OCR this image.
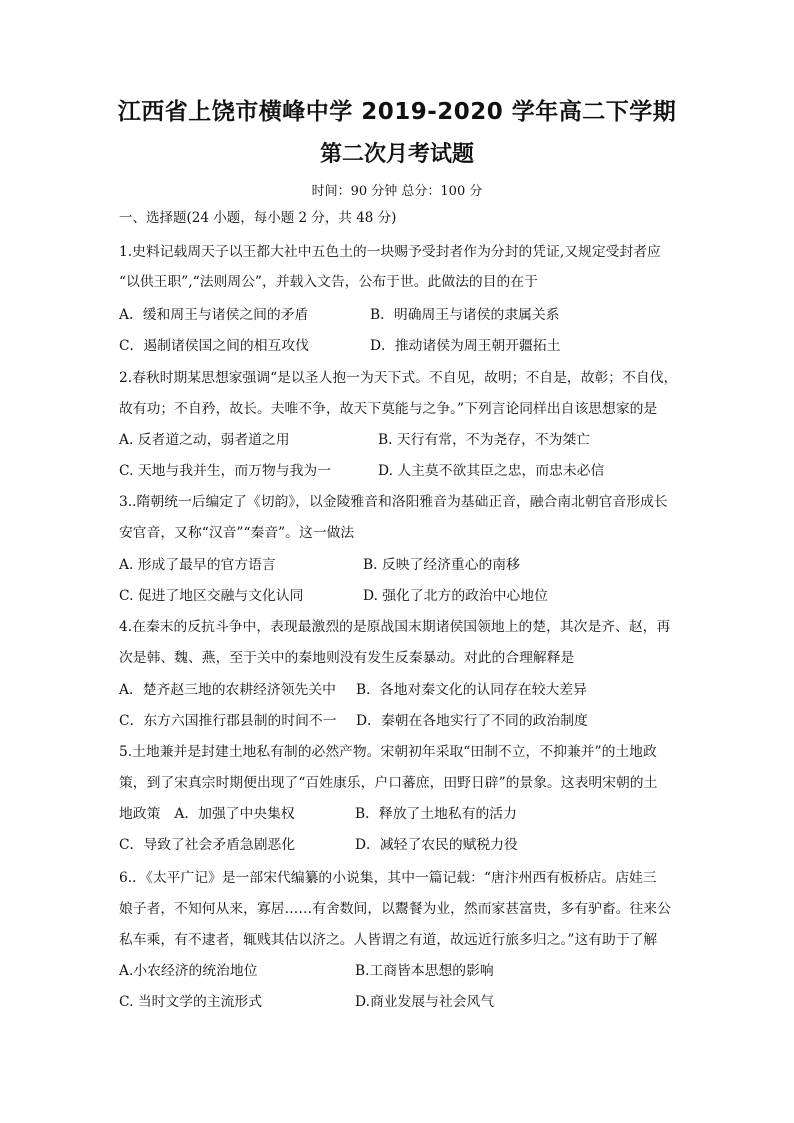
江西省上饶市横峰中学 2019-2020 学年高二下学期
第二次月考试题
时间：90 分钟 总分：100 分
一、选择题(24 小题，每小题 2 分，共 48 分)
1.史料记载周天子以王都大社中五色土的一块赐予受封者作为分封的凭证,又规定受封者应
“以供王职”,“法则周公”，并载入文告，公布于世。此做法的目的在于
A．缓和周王与诸侯之间的矛盾	B．明确周王与诸侯的隶属关系
C．遏制诸侯国之间的相互攻伐	D．推动诸侯为周王朝开疆拓土
2.春秋时期某思想家强调“是以圣人抱一为天下式。不自见，故明；不自是，故彰；不自伐，
故有功；不自矜，故长。夫唯不争，故天下莫能与之争。”下列言论同样出自该思想家的是
A. 反者道之动，弱者道之用	B. 天行有常，不为尧存，不为桀亡
C. 天地与我并生，而万物与我为一	D. 人主莫不欲其臣之忠，而忠未必信
3..隋朝统一后编定了《切韵》，以金陵雅音和洛阳雅音为基础正音，融合南北朝官音形成长
安官音，又称“汉音”“秦音”。这一做法
A. 形成了最早的官方语言	B. 反映了经济重心的南移
C. 促进了地区交融与文化认同	D. 强化了北方的政治中心地位
4.在秦末的反抗斗争中，表现最激烈的是原战国末期诸侯国领地上的楚，其次是齐、赵，再
次是韩、魏、燕，至于关中的秦地则没有发生反秦暴动。对此的合理解释是
A．楚齐赵三地的农耕经济领先关中 B．各地对秦文化的认同存在较大差异
C．东方六国推行郡县制的时间不一 D．秦朝在各地实行了不同的政治制度
5.土地兼并是封建土地私有制的必然产物。宋朝初年采取“田制不立，不抑兼并”的土地政
策，到了宋真宗时期便出现了“百姓康乐，户口蕃庶，田野日辟”的景象。这表明宋朝的土
地政策 A．加强了中央集权	B．释放了土地私有的活力
C．导致了社会矛盾急剧恶化	D．减轻了农民的赋税力役
6.．《太平广记》是一部宋代编纂的小说集，其中一篇记载：“唐汴州西有板桥店。店娃三
娘子者，不知何从来，寡居……有舍数间，以鬻餐为业，然而家甚富贵，多有驴畜。往来公
私车乘，有不逮者，辄贱其估以济之。人皆谓之有道，故远近行旅多归之。”这有助于了解
A.小农经济的统治地位	B.工商皆本思想的影响
C. 当时文学的主流形式	D.商业发展与社会风气
